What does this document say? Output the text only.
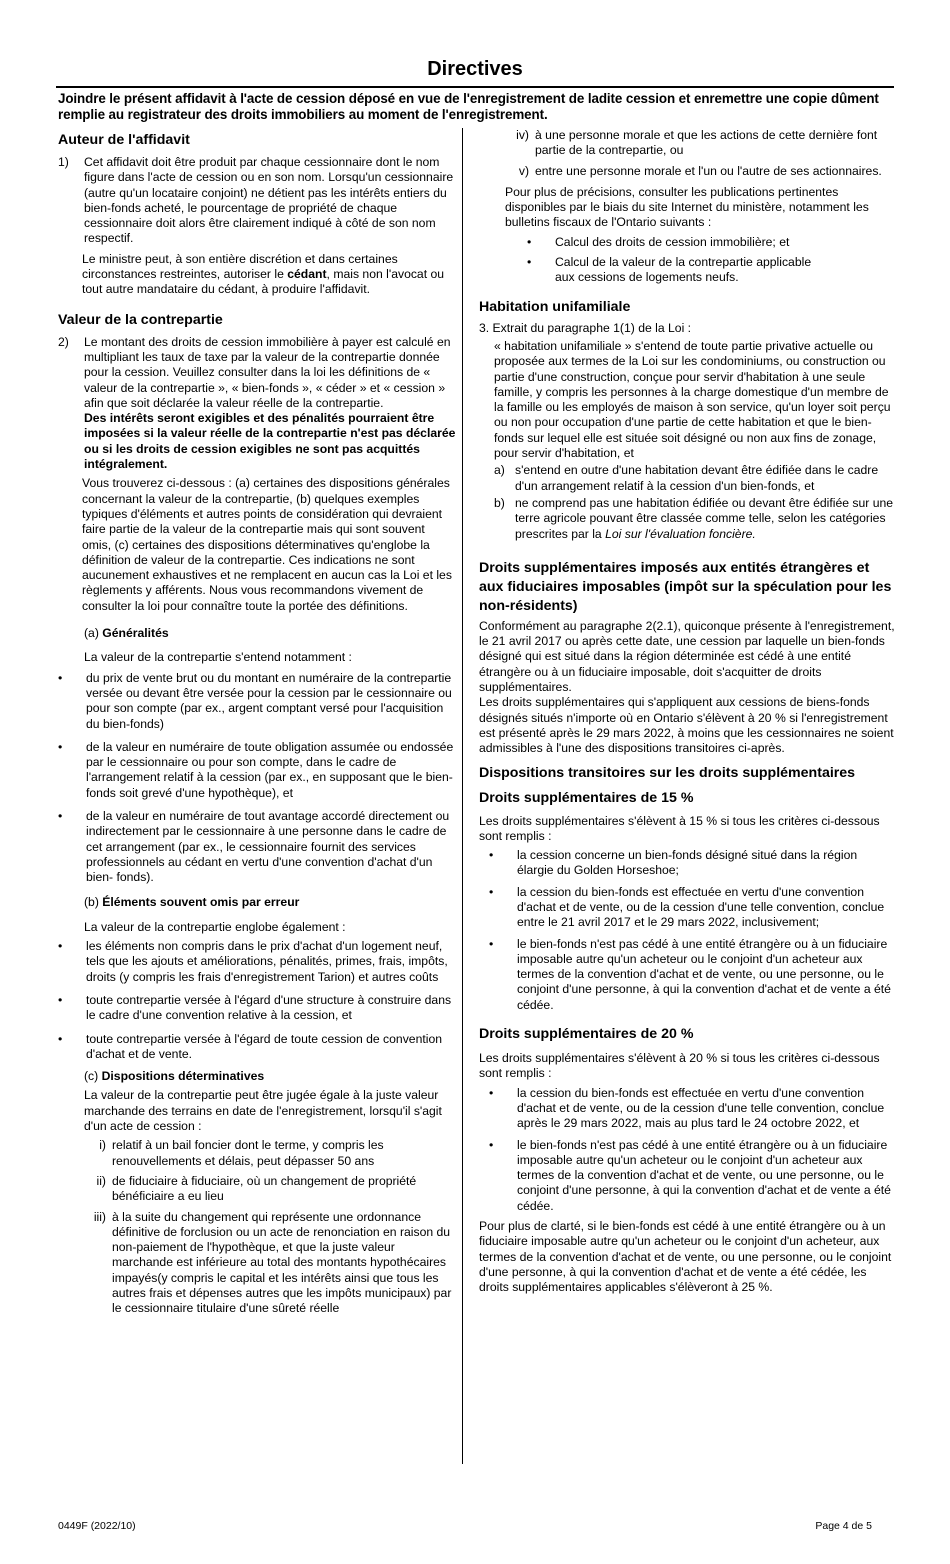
Directives
Joindre le présent affidavit à l'acte de cession déposé en vue de l'enregistrement de ladite cession et enremettre une copie dûment remplie au registrateur des droits immobiliers au moment de l'enregistrement.
Auteur de l'affidavit
1)	Cet affidavit doit être produit par chaque cessionnaire dont le nom figure dans l'acte de cession ou en son nom. Lorsqu'un cessionnaire (autre qu'un locataire conjoint) ne détient pas les intérêts entiers du bien-fonds acheté, le pourcentage de propriété de chaque cessionnaire doit alors être clairement indiqué à côté de son nom respectif.

Le ministre peut, à son entière discrétion et dans certaines circonstances restreintes, autoriser le cédant, mais non l'avocat ou tout autre mandataire du cédant, à produire l'affidavit.

Valeur de la contrepartie
2)	Le montant des droits de cession immobilière à payer est calculé en multipliant les taux de taxe par la valeur de la contrepartie donnée pour la cession. Veuillez consulter dans la loi les définitions de « valeur de la contrepartie », « bien-fonds », « céder » et « cession » afin que soit déclarée la valeur réelle de la contrepartie.

Des intérêts seront exigibles et des pénalités pourraient être imposées si la valeur réelle de la contrepartie n'est pas déclarée ou si les droits de cession exigibles ne sont pas acquittés intégralement.

Vous trouverez ci-dessous : (a) certaines des dispositions générales concernant la valeur de la contrepartie, (b) quelques exemples typiques d'éléments et autres points de considération qui devraient faire partie de la valeur de la contrepartie mais qui sont souvent omis, (c) certaines des dispositions déterminatives qu'englobe la définition de valeur de la contrepartie. Ces indications ne sont aucunement exhaustives et ne remplacent en aucun cas la Loi et les règlements y afférents. Nous vous recommandons vivement de consulter la loi pour connaître toute la portée des définitions.

(a) Généralités

La valeur de la contrepartie s'entend notamment :

•	du prix de vente brut ou du montant en numéraire de la contrepartie versée ou devant être versée pour la cession par le cessionnaire ou pour son compte (par ex., argent comptant versé pour l'acquisition du bien-fonds)
•	de la valeur en numéraire de toute obligation assumée ou endossée par le cessionnaire ou pour son compte, dans le cadre de l'arrangement relatif à la cession (par ex., en supposant que le bien-fonds soit grevé d'une hypothèque), et
•	de la valeur en numéraire de tout avantage accordé directement ou indirectement par le cessionnaire à une personne dans le cadre de cet arrangement (par ex., le cessionnaire fournit des services professionnels au cédant en vertu d'une convention d'achat d'un bien- fonds).

(b) Éléments souvent omis par erreur

La valeur de la contrepartie englobe également :

•	les éléments non compris dans le prix d'achat d'un logement neuf, tels que les ajouts et améliorations, pénalités, primes, frais, impôts, droits (y compris les frais d'enregistrement Tarion) et autres coûts
•	toute contrepartie versée à l'égard d'une structure à construire dans le cadre d'une convention relative à la cession, et
•	toute contrepartie versée à l'égard de toute cession de convention d'achat et de vente.

(c) Dispositions déterminatives

La valeur de la contrepartie peut être jugée égale à la juste valeur marchande des terrains en date de l'enregistrement, lorsqu'il s'agit d'un acte de cession :

i) relatif à un bail foncier dont le terme, y compris les renouvellements et délais, peut dépasser 50 ans
ii) de fiduciaire à fiduciaire, où un changement de propriété bénéficiaire a eu lieu
iii) à la suite du changement qui représente une ordonnance définitive de forclusion ou un acte de renonciation en raison du non-paiement de l'hypothèque, et que la juste valeur marchande est inférieure au total des montants hypothécaires impayés(y compris le capital et les intérêts ainsi que tous les autres frais et dépenses autres que les impôts municipaux) par le cessionnaire titulaire d'une sûreté réelle
iv) à une personne morale et que les actions de cette dernière font partie de la contrepartie, ou
v) entre une personne morale et l'un ou l'autre de ses actionnaires.

Pour plus de précisions, consulter les publications pertinentes disponibles par le biais du site Internet du ministère, notamment les bulletins fiscaux de l'Ontario suivants :

•	Calcul des droits de cession immobilière; et
•	Calcul de la valeur de la contrepartie applicable aux cessions de logements neufs.
Habitation unifamiliale

3. Extrait du paragraphe 1(1) de la Loi :

« habitation unifamiliale » s'entend de toute partie privative actuelle ou proposée aux termes de la Loi sur les condominiums, ou construction ou partie d'une construction, conçue pour servir d'habitation à une seule famille, y compris les personnes à la charge domestique d'un membre de la famille ou les employés de maison à son service, qu'un loyer soit perçu ou non pour occupation d'une partie de cette habitation et que le bien-fonds sur lequel elle est située soit désigné ou non aux fins de zonage, pour servir d'habitation, et

a) s'entend en outre d'une habitation devant être édifiée dans le cadre d'un arrangement relatif à la cession d'un bien-fonds, et
b) ne comprend pas une habitation édifiée ou devant être édifiée sur une terre agricole pouvant être classée comme telle, selon les catégories prescrites par la Loi sur l'évaluation foncière.
Droits supplémentaires imposés aux entités étrangères et aux fiduciaires imposables (impôt sur la spéculation pour les non-résidents)

Conformément au paragraphe 2(2.1), quiconque présente à l'enregistrement, le 21 avril 2017 ou après cette date, une cession par laquelle un bien-fonds désigné qui est situé dans la région déterminée est cédé à une entité étrangère ou à un fiduciaire imposable, doit s'acquitter de droits supplémentaires.

Les droits supplémentaires qui s'appliquent aux cessions de biens-fonds désignés situés n'importe où en Ontario s'élèvent à 20 % si l'enregistrement est présenté après le 29 mars 2022, à moins que les cessionnaires ne soient admissibles à l'une des dispositions transitoires ci-après.

Dispositions transitoires sur les droits supplémentaires
Droits supplémentaires de 15 %

Les droits supplémentaires s'élèvent à 15 % si tous les critères ci-dessous sont remplis :

•	la cession concerne un bien-fonds désigné situé dans la région élargie du Golden Horseshoe;
•	la cession du bien-fonds est effectuée en vertu d'une convention d'achat et de vente, ou de la cession d'une telle convention, conclue entre le 21 avril 2017 et le 29 mars 2022, inclusivement;
•	le bien-fonds n'est pas cédé à une entité étrangère ou à un fiduciaire imposable autre qu'un acheteur ou le conjoint d'un acheteur aux termes de la convention d'achat et de vente, ou une personne, ou le conjoint d'une personne, à qui la convention d'achat et de vente a été cédée.
Droits supplémentaires de 20 %

Les droits supplémentaires s'élèvent à 20 % si tous les critères ci-dessous sont remplis :

•	la cession du bien-fonds est effectuée en vertu d'une convention d'achat et de vente, ou de la cession d'une telle convention, conclue après le 29 mars 2022, mais au plus tard le 24 octobre 2022, et
•	le bien-fonds n'est pas cédé à une entité étrangère ou à un fiduciaire imposable autre qu'un acheteur ou le conjoint d'un acheteur aux termes de la convention d'achat et de vente, ou une personne, ou le conjoint d'une personne, à qui la convention d'achat et de vente a été cédée.

Pour plus de clarté, si le bien-fonds est cédé à une entité étrangère ou à un fiduciaire imposable autre qu'un acheteur ou le conjoint d'un acheteur, aux termes de la convention d'achat et de vente, ou une personne, ou le conjoint d'une personne, à qui la convention d'achat et de vente a été cédée, les droits supplémentaires applicables s'élèveront à 25 %.

0449F (2022/10)	Page 4 de 5
